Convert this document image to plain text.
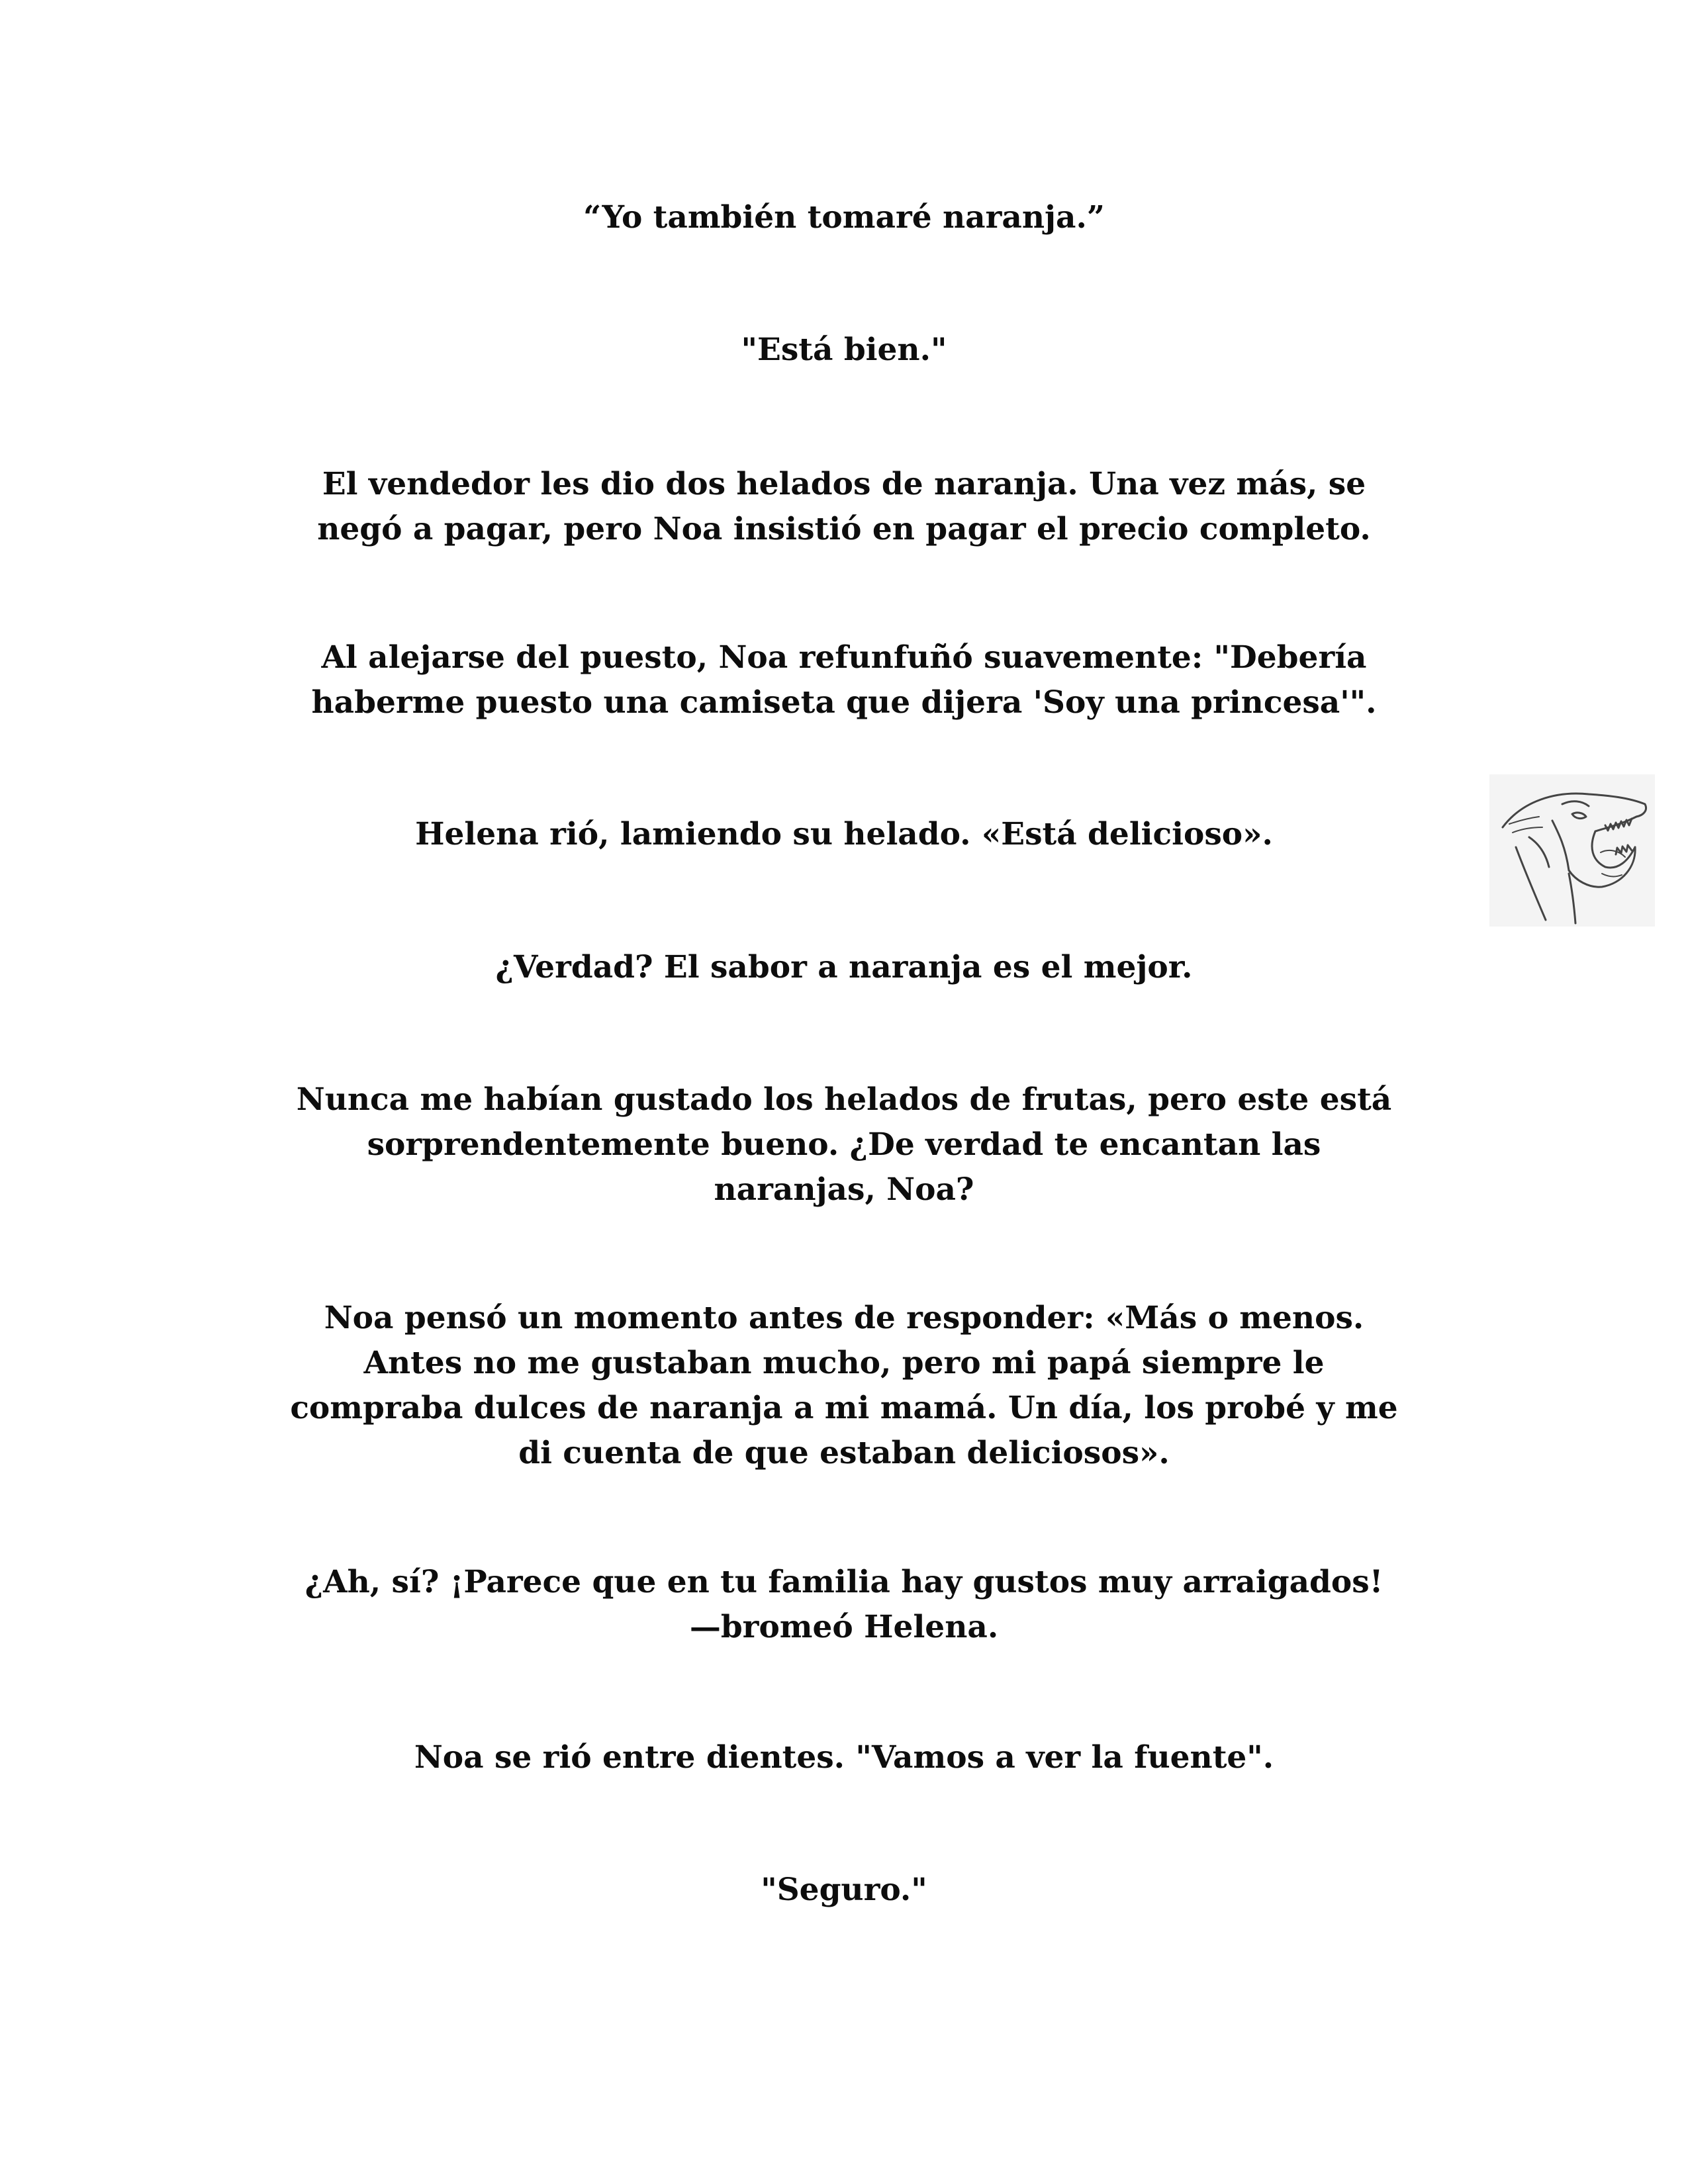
“Yo también tomaré naranja.”

"Está bien."

El vendedor les dio dos helados de naranja. Una vez más, se
negó a pagar, pero Noa insistió en pagar el precio completo.

Al alejarse del puesto, Noa refunfuñó suavemente: "Debería
haberme puesto una camiseta que dijera 'Soy una princesa'".

Helena rió, lamiendo su helado. «Está delicioso».

¿Verdad? El sabor a naranja es el mejor.

Nunca me habían gustado los helados de frutas, pero este está
sorprendentemente bueno. ¿De verdad te encantan las
naranjas, Noa?

Noa pensó un momento antes de responder: «Más o menos.
Antes no me gustaban mucho, pero mi papá siempre le
compraba dulces de naranja a mi mamá. Un día, los probé y me
di cuenta de que estaban deliciosos».

¿Ah, sí? ¡Parece que en tu familia hay gustos muy arraigados!
—bromeó Helena.

Noa se rió entre dientes. "Vamos a ver la fuente".

"Seguro."
